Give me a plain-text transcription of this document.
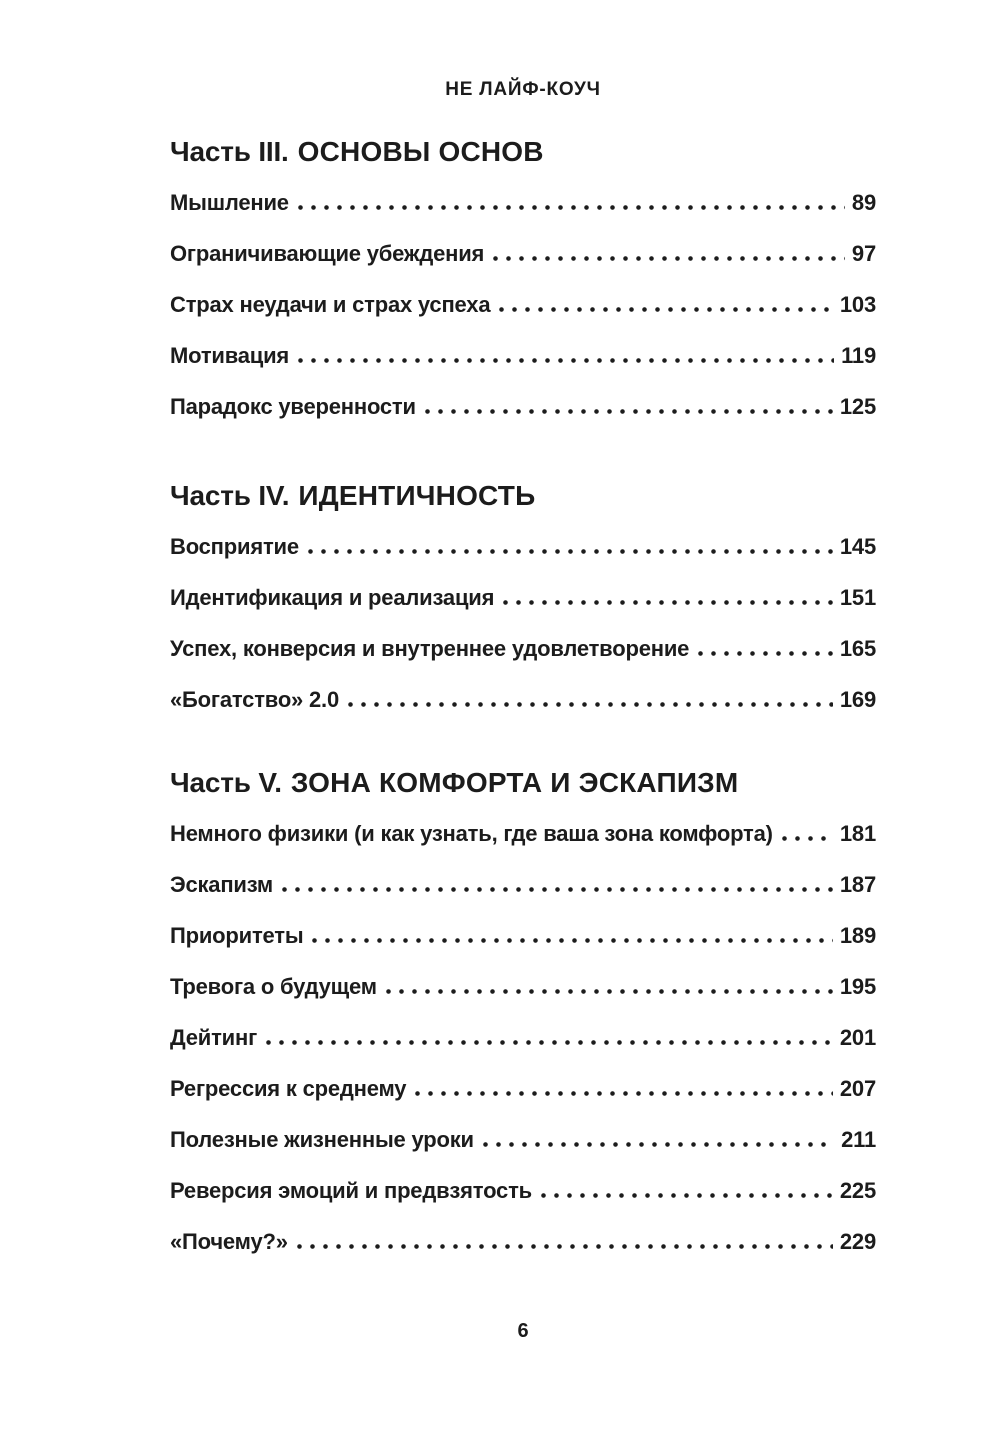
НЕ ЛАЙФ-КОУЧ
Часть III. ОСНОВЫ ОСНОВ
Мышление	89
Ограничивающие убеждения	97
Страх неудачи и страх успеха	103
Мотивация	119
Парадокс уверенности	125
Часть IV. ИДЕНТИЧНОСТЬ
Восприятие	145
Идентификация и реализация	151
Успех, конверсия и внутреннее удовлетворение	165
«Богатство» 2.0	169
Часть V. ЗОНА КОМФОРТА И ЭСКАПИЗМ
Немного физики (и как узнать, где ваша зона комфорта)	181
Эскапизм	187
Приоритеты	189
Тревога о будущем	195
Дейтинг	201
Регрессия к среднему	207
Полезные жизненные уроки	211
Реверсия эмоций и предвзятость	225
«Почему?»	229
6
